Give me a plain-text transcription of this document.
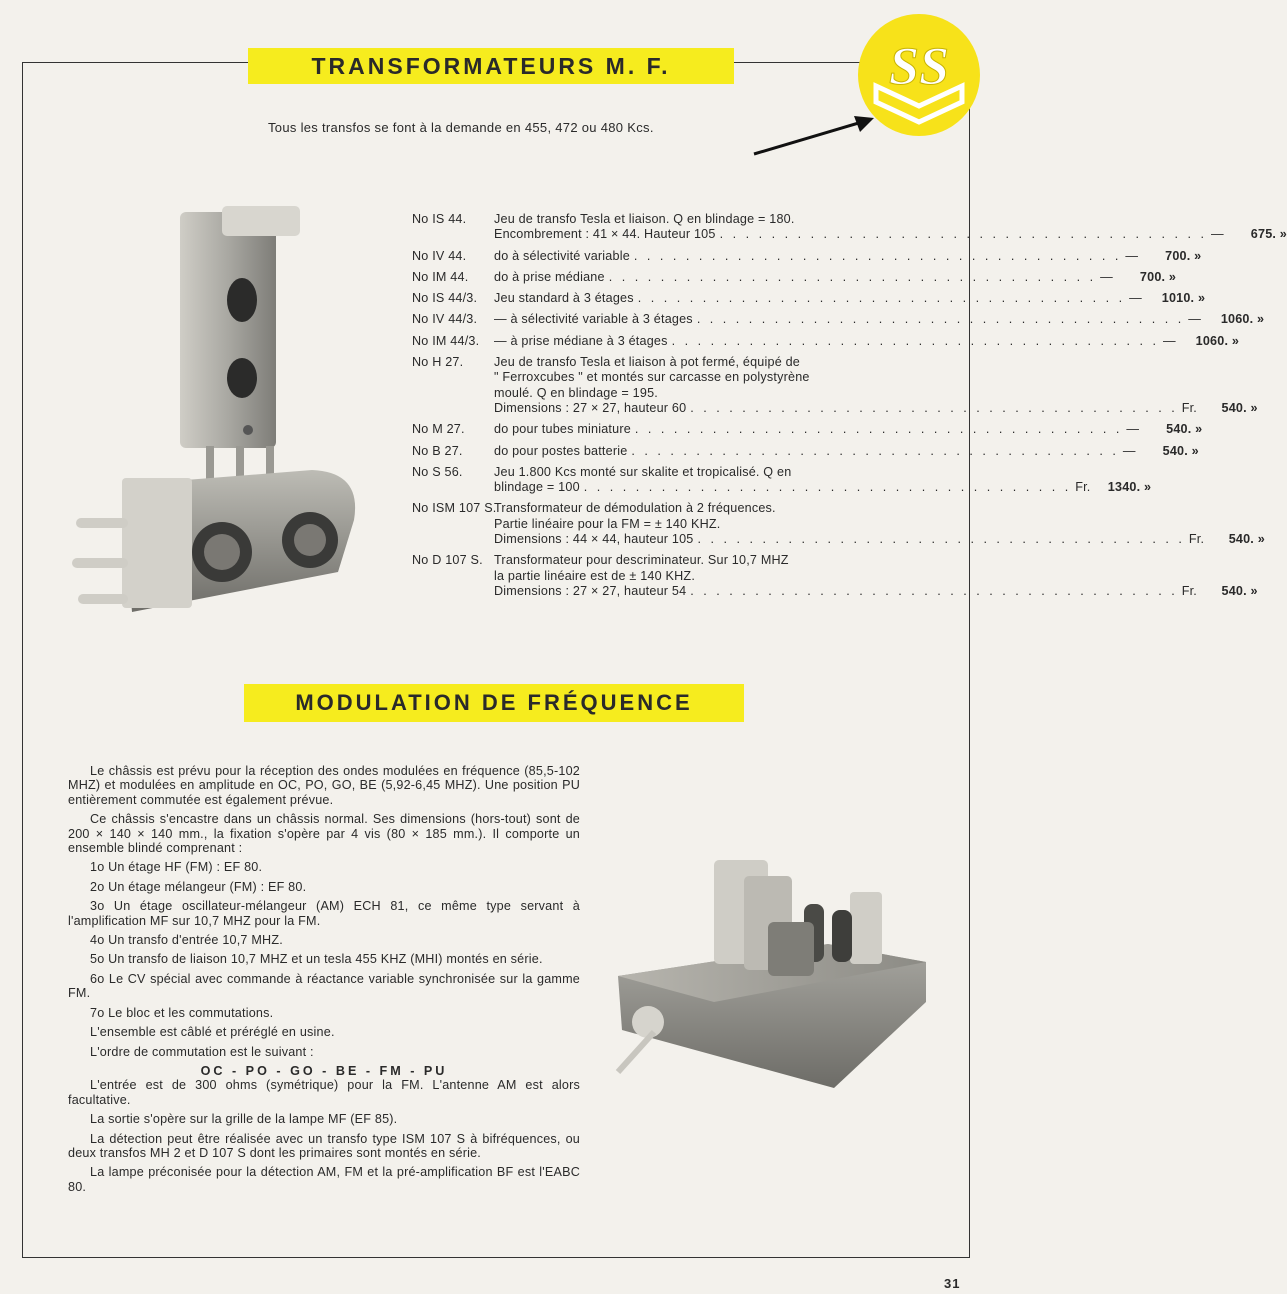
TRANSFORMATEURS M. F.	SS
Tous les transfos se font à la demande en 455, 472 ou 480 Kcs.
No IS 44.	Jeu de transfo Tesla et liaison. Q en blindage = 180.
Encombrement : 41 × 44. Hauteur 105 . . . . . . . . . . . . . . . . . . . . . . . . . . . . . . . . . . . . . . —	675. »
No IV 44.	do à sélectivité variable . . . . . . . . . . . . . . . . . . . . . . . . . . . . . . . . . . . . . . —	700. »
No IM 44.	do à prise médiane . . . . . . . . . . . . . . . . . . . . . . . . . . . . . . . . . . . . . . —	700. »
No IS 44/3.	Jeu standard à 3 étages . . . . . . . . . . . . . . . . . . . . . . . . . . . . . . . . . . . . . . —	1010. »
No IV 44/3.	— à sélectivité variable à 3 étages . . . . . . . . . . . . . . . . . . . . . . . . . . . . . . . . . . . . . . —	1060. »
No IM 44/3.	— à prise médiane à 3 étages . . . . . . . . . . . . . . . . . . . . . . . . . . . . . . . . . . . . . . —	1060. »
No H 27.	Jeu de transfo Tesla et liaison à pot fermé, équipé de
" Ferroxcubes " et montés sur carcasse en polystyrène
moulé. Q en blindage = 195.
Dimensions : 27 × 27, hauteur 60 . . . . . . . . . . . . . . . . . . . . . . . . . . . . . . . . . . . . . . Fr.	540. »
No M 27.	do pour tubes miniature . . . . . . . . . . . . . . . . . . . . . . . . . . . . . . . . . . . . . . —	540. »
No B 27.	do pour postes batterie . . . . . . . . . . . . . . . . . . . . . . . . . . . . . . . . . . . . . . —	540. »
No S 56.	Jeu 1.800 Kcs monté sur skalite et tropicalisé. Q en
blindage = 100 . . . . . . . . . . . . . . . . . . . . . . . . . . . . . . . . . . . . . . Fr.	1340. »
No ISM 107 S.
Transformateur de démodulation à 2 fréquences.
Partie linéaire pour la FM = ± 140 KHZ.
Dimensions : 44 × 44, hauteur 105 . . . . . . . . . . . . . . . . . . . . . . . . . . . . . . . . . . . . . . Fr.	540. »
No D 107 S. Transformateur pour descriminateur. Sur 10,7 MHZ
la partie linéaire est de ± 140 KHZ.
Dimensions : 27 × 27, hauteur 54 . . . . . . . . . . . . . . . . . . . . . . . . . . . . . . . . . . . . . . Fr.	540. »
MODULATION DE FRÉQUENCE

Le châssis est prévu pour la réception des ondes modulées en fréquence (85,5-102 MHZ) et modulées en amplitude en OC, PO, GO, BE (5,92-6,45 MHZ). Une position PU entièrement commutée est également prévue.

Ce châssis s'encastre dans un châssis normal. Ses dimensions (hors-tout) sont de 200 × 140 × 140 mm., la fixation s'opère par 4 vis (80 × 185 mm.). Il comporte un ensemble blindé comprenant :

1o Un étage HF (FM) : EF 80.

2o Un étage mélangeur (FM) : EF 80.

3o Un étage oscillateur-mélangeur (AM) ECH 81, ce même type servant à l'amplification MF sur 10,7 MHZ pour la FM.

4o Un transfo d'entrée 10,7 MHZ.

5o Un transfo de liaison 10,7 MHZ et un tesla 455 KHZ (MHI) montés en série.

6o Le CV spécial avec commande à réactance variable synchronisée sur la gamme FM.

7o Le bloc et les commutations.

L'ensemble est câblé et préréglé en usine.

L'ordre de commutation est le suivant :

OC - PO - GO - BE - FM - PU

L'entrée est de 300 ohms (symétrique) pour la FM. L'antenne AM est alors facultative.

La sortie s'opère sur la grille de la lampe MF (EF 85).

La détection peut être réalisée avec un transfo type ISM 107 S à bifréquences, ou deux transfos MH 2 et D 107 S dont les primaires sont montés en série.

La lampe préconisée pour la détection AM, FM et la pré-amplification BF est l'EABC 80.

31
